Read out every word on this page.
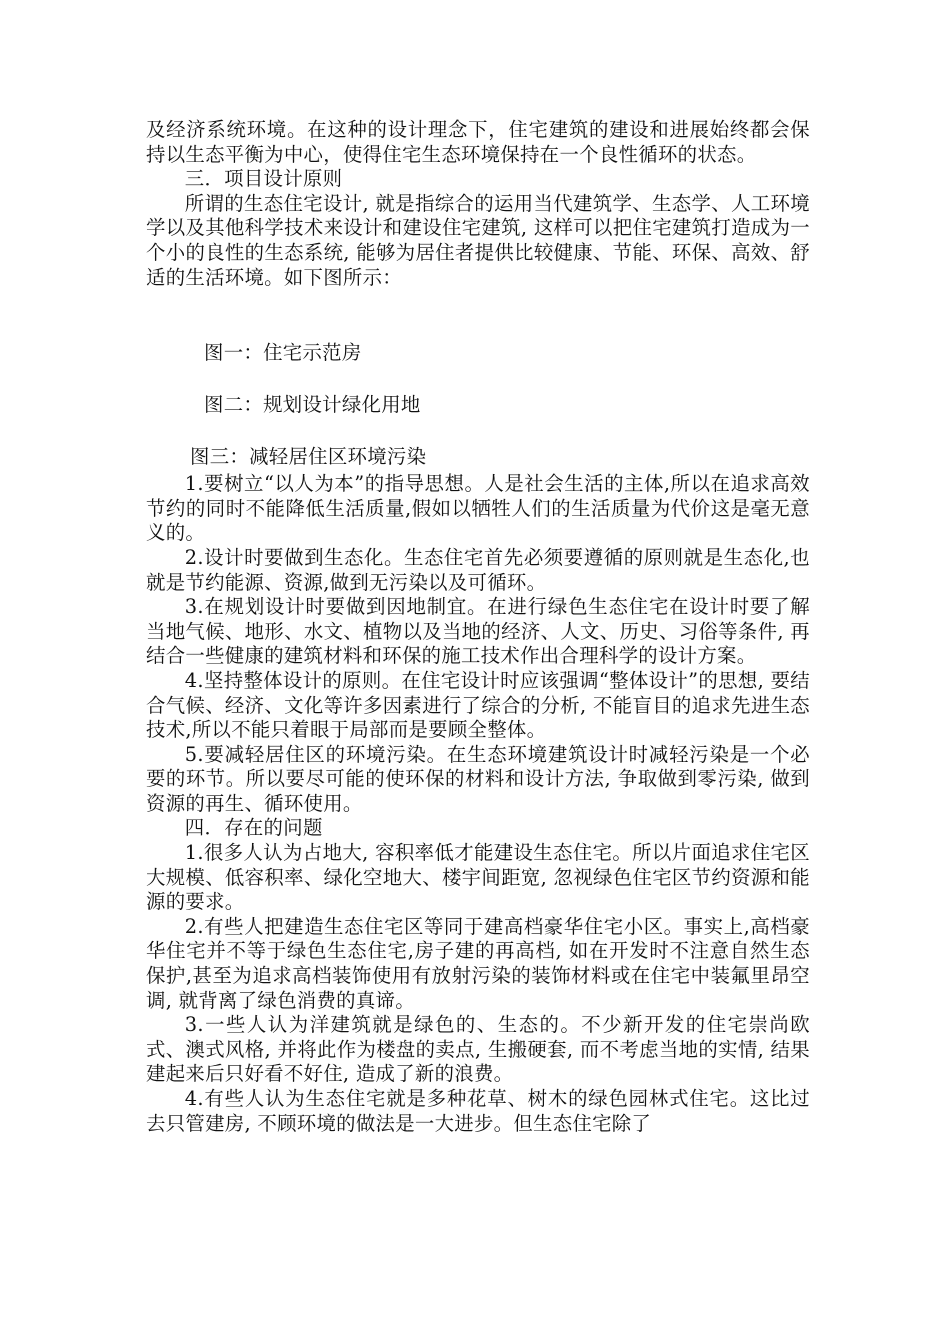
及经济系统环境。在这种的设计理念下，住宅建筑的建设和进展始终都会保持以生态平衡为中心，使得住宅生态环境保持在一个良性循环的状态。

三．项目设计原则

所谓的生态住宅设计, 就是指综合的运用当代建筑学、生态学、人工环境学以及其他科学技术来设计和建设住宅建筑, 这样可以把住宅建筑打造成为一个小的良性的生态系统, 能够为居住者提供比较健康、节能、环保、高效、舒适的生活环境。如下图所示：

图一：住宅示范房

图二：规划设计绿化用地

图三：减轻居住区环境污染

1.要树立“以人为本”的指导思想。人是社会生活的主体,所以在追求高效节约的同时不能降低生活质量,假如以牺牲人们的生活质量为代价这是毫无意义的。

2.设计时要做到生态化。生态住宅首先必须要遵循的原则就是生态化,也就是节约能源、资源,做到无污染以及可循环。

3.在规划设计时要做到因地制宜。在进行绿色生态住宅在设计时要了解当地气候、地形、水文、植物以及当地的经济、人文、历史、习俗等条件, 再结合一些健康的建筑材料和环保的施工技术作出合理科学的设计方案。

4.坚持整体设计的原则。在住宅设计时应该强调“整体设计”的思想, 要结合气候、经济、文化等许多因素进行了综合的分析, 不能盲目的追求先进生态技术,所以不能只着眼于局部而是要顾全整体。

5.要减轻居住区的环境污染。在生态环境建筑设计时减轻污染是一个必要的环节。所以要尽可能的使环保的材料和设计方法, 争取做到零污染, 做到资源的再生、循环使用。

四．存在的问题

1.很多人认为占地大, 容积率低才能建设生态住宅。所以片面追求住宅区大规模、低容积率、绿化空地大、楼宇间距宽, 忽视绿色住宅区节约资源和能源的要求。

2.有些人把建造生态住宅区等同于建高档豪华住宅小区。事实上,高档豪华住宅并不等于绿色生态住宅,房子建的再高档, 如在开发时不注意自然生态保护,甚至为追求高档装饰使用有放射污染的装饰材料或在住宅中装氟里昂空调, 就背离了绿色消费的真谛。

3.一些人认为洋建筑就是绿色的、生态的。不少新开发的住宅崇尚欧式、澳式风格, 并将此作为楼盘的卖点, 生搬硬套, 而不考虑当地的实情, 结果建起来后只好看不好住, 造成了新的浪费。

4.有些人认为生态住宅就是多种花草、树木的绿色园林式住宅。这比过去只管建房, 不顾环境的做法是一大进步。但生态住宅除了
